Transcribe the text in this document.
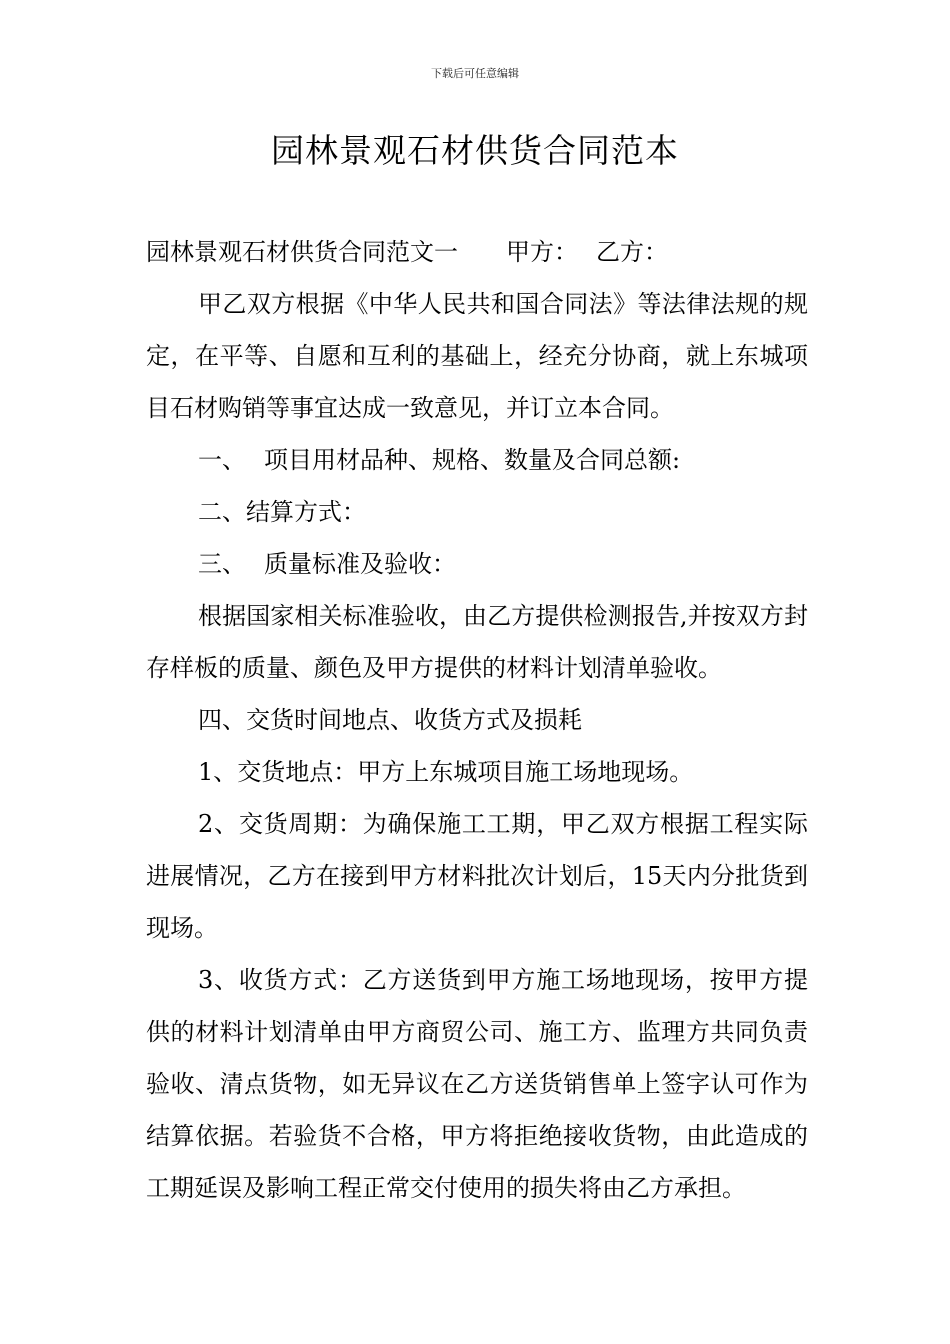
下载后可任意编辑
园林景观石材供货合同范本

园林景观石材供货合同范文一 甲方： 乙方：

甲乙双方根据《中华人民共和国合同法》等法律法规的规定，在平等、自愿和互利的基础上，经充分协商，就上东城项目石材购销等事宜达成一致意见，并订立本合同。

一、 项目用材品种、规格、数量及合同总额:

二、结算方式：

三、 质量标准及验收：

根据国家相关标准验收，由乙方提供检测报告,并按双方封存样板的质量、颜色及甲方提供的材料计划清单验收。

四、交货时间地点、收货方式及损耗

1、交货地点：甲方上东城项目施工场地现场。

2、交货周期：为确保施工工期，甲乙双方根据工程实际进展情况，乙方在接到甲方材料批次计划后，15天内分批货到现场。

3、收货方式：乙方送货到甲方施工场地现场，按甲方提供的材料计划清单由甲方商贸公司、施工方、监理方共同负责验收、清点货物，如无异议在乙方送货销售单上签字认可作为结算依据。若验货不合格，甲方将拒绝接收货物，由此造成的工期延误及影响工程正常交付使用的损失将由乙方承担。
